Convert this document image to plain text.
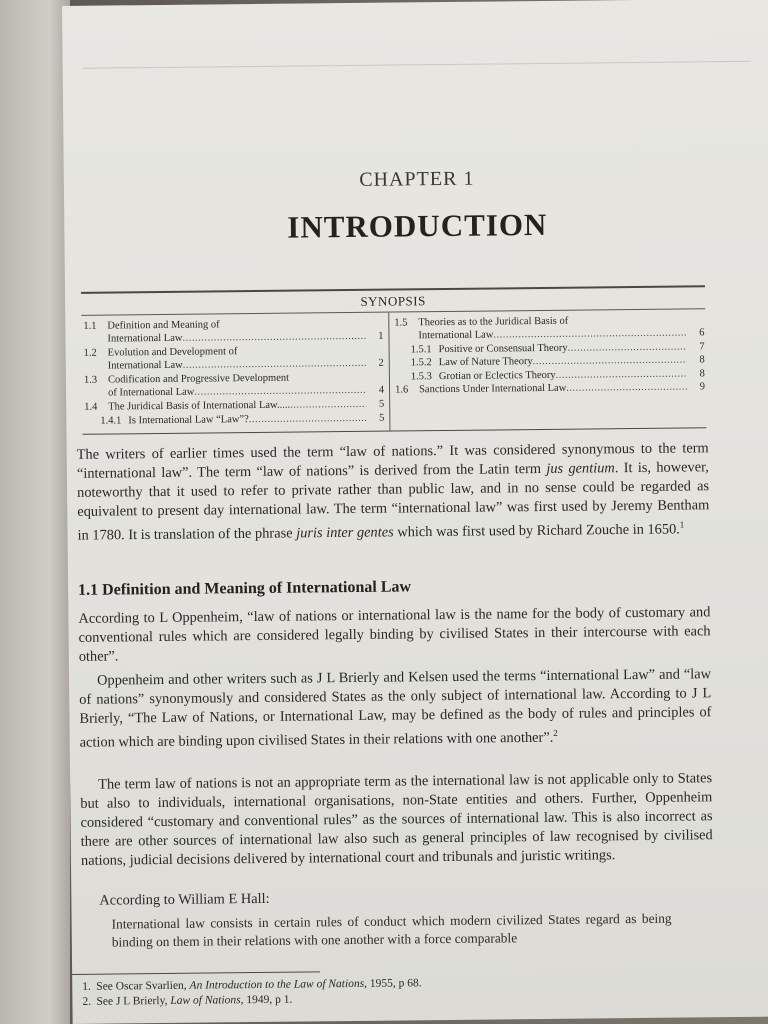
CHAPTER 1
INTRODUCTION
SYNOPSIS
1.1	Definition and Meaning of
International Law .....	1
1.2	Evolution and Development of
International Law .....	2
1.3	Codification and Progressive Development
of International Law .....	4
1.4	The Juridical Basis of International Law..... .....	5
1.4.1 Is International Law “Law”? .....	5
1.5	Theories as to the Juridical Basis of
International Law .....	6
1.5.1 Positive or Consensual Theory .....	7
1.5.2 Law of Nature Theory .....	8
1.5.3 Grotian or Eclectics Theory .....	8
1.6	Sanctions Under International Law .....	9

The writers of earlier times used the term “law of nations.” It was considered synonymous to the term “international law”. The term “law of nations” is derived from the Latin term jus gentium. It is, however, noteworthy that it used to refer to private rather than public law, and in no sense could be regarded as equivalent to present day international law. The term “international law” was first used by Jeremy Bentham in 1780. It is translation of the phrase juris inter gentes which was first used by Richard Zouche in 1650.$^1$

1.1 Definition and Meaning of International Law

According to L Oppenheim, “law of nations or international law is the name for the body of customary and conventional rules which are considered legally binding by civilised States in their intercourse with each other”.

Oppenheim and other writers such as J L Brierly and Kelsen used the terms “international Law” and “law of nations” synonymously and considered States as the only subject of international law. According to J L Brierly, “The Law of Nations, or International Law, may be defined as the body of rules and principles of action which are binding upon civilised States in their relations with one another”.$^2$

The term law of nations is not an appropriate term as the international law is not applicable only to States but also to individuals, international organisations, non-State entities and others. Further, Oppenheim considered “customary and conventional rules” as the sources of international law. This is also incorrect as there are other sources of international law also such as general principles of law recognised by civilised nations, judicial decisions delivered by international court and tribunals and juristic writings.

According to William E Hall:

International law consists in certain rules of conduct which modern civilized States regard as being binding on them in their relations with one another with a force comparable
1. See Oscar Svarlien, An Introduction to the Law of Nations, 1955, p 68.
2. See J L Brierly, Law of Nations, 1949, p 1.
